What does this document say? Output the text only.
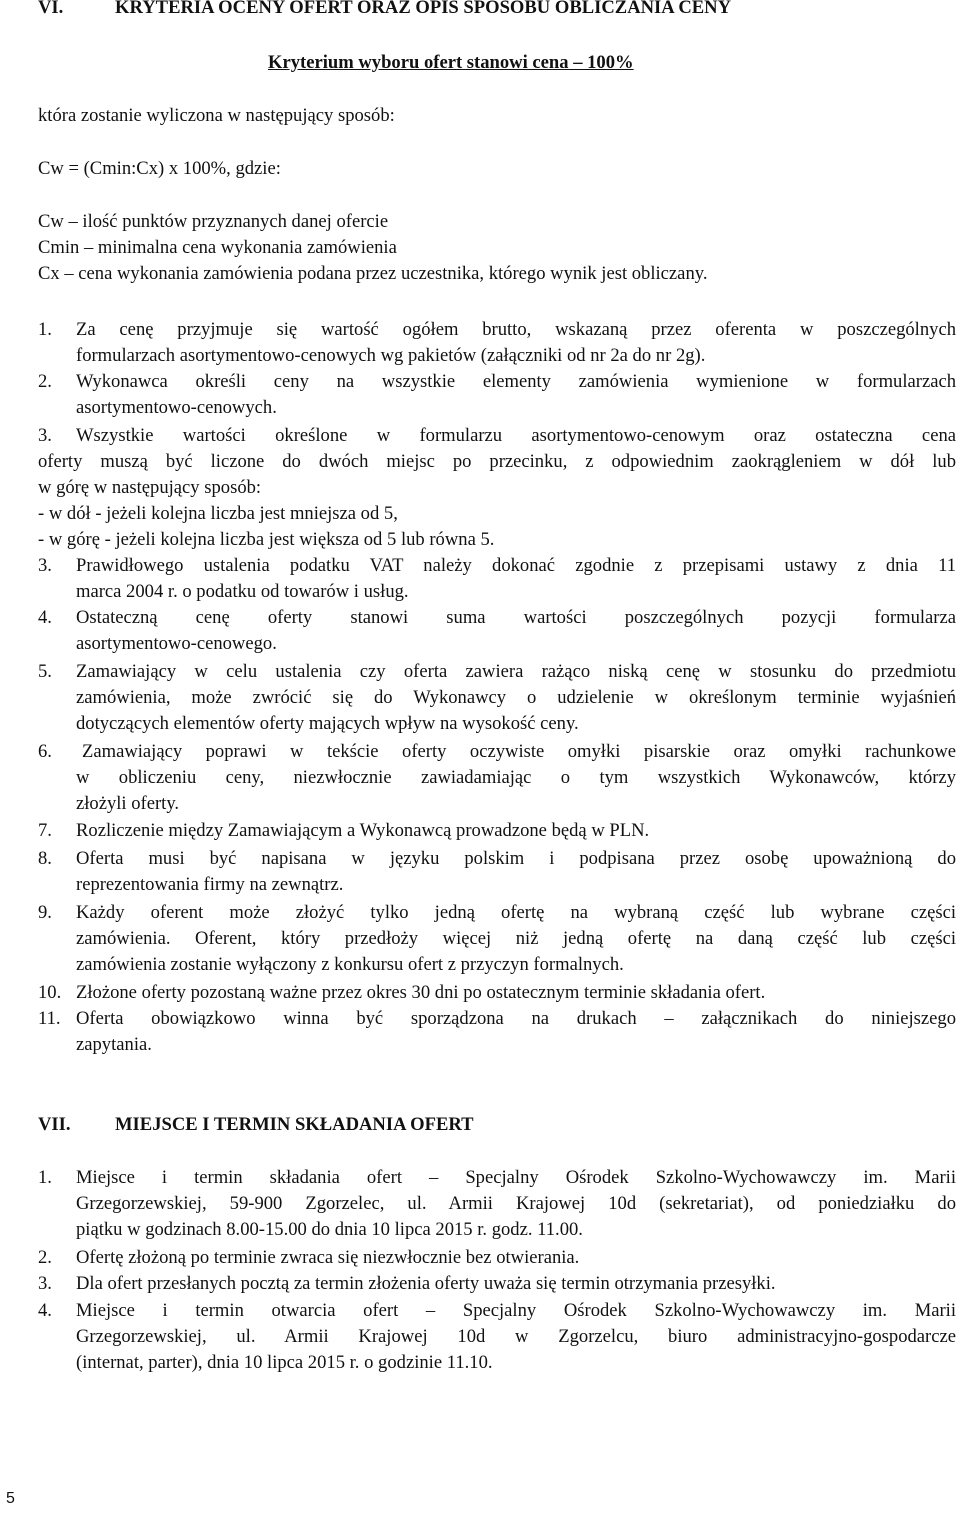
VI.	KRYTERIA OCENY OFERT ORAZ OPIS SPOSOBU OBLICZANIA CENY
Kryterium wyboru ofert stanowi cena – 100%
która zostanie wyliczona w następujący sposób:
Cw = (Cmin:Cx) x 100%, gdzie:
Cw – ilość punktów przyznanych danej ofercie
Cmin – minimalna cena wykonania zamówienia
Cx – cena wykonania zamówienia podana przez uczestnika, którego wynik jest obliczany.
1. Za cenę przyjmuje się wartość ogółem brutto, wskazaną przez oferenta w poszczególnych
formularzach asortymentowo-cenowych wg pakietów (załączniki od nr 2a do nr 2g).
2. Wykonawca określi ceny na wszystkie elementy zamówienia wymienione w formularzach
asortymentowo-cenowych.
3. Wszystkie wartości określone w formularzu asortymentowo-cenowym oraz ostateczna cena
oferty muszą być liczone do dwóch miejsc po przecinku, z odpowiednim zaokrągleniem w dół lub
w górę w następujący sposób:
- w dół - jeżeli kolejna liczba jest mniejsza od 5,
- w górę - jeżeli kolejna liczba jest większa od 5 lub równa 5.
3. Prawidłowego ustalenia podatku VAT należy dokonać zgodnie z przepisami ustawy z dnia 11
marca 2004 r. o podatku od towarów i usług.
4. Ostateczną cenę oferty stanowi suma wartości poszczególnych pozycji formularza
asortymentowo-cenowego.
5. Zamawiający w celu ustalenia czy oferta zawiera rażąco niską cenę w stosunku do przedmiotu
zamówienia, może zwrócić się do Wykonawcy o udzielenie w określonym terminie wyjaśnień
dotyczących elementów oferty mających wpływ na wysokość ceny.
6. Zamawiający poprawi w tekście oferty oczywiste omyłki pisarskie oraz omyłki rachunkowe
w obliczeniu ceny, niezwłocznie zawiadamiając o tym wszystkich Wykonawców, którzy
złożyli oferty.
7. Rozliczenie między Zamawiającym a Wykonawcą prowadzone będą w PLN.
8. Oferta musi być napisana w języku polskim i podpisana przez osobę upoważnioną do
reprezentowania firmy na zewnątrz.
9. Każdy oferent może złożyć tylko jedną ofertę na wybraną część lub wybrane części
zamówienia. Oferent, który przedłoży więcej niż jedną ofertę na daną część lub części
zamówienia zostanie wyłączony z konkursu ofert z przyczyn formalnych.
10. Złożone oferty pozostaną ważne przez okres 30 dni po ostatecznym terminie składania ofert.
11. Oferta obowiązkowo winna być sporządzona na drukach – załącznikach do niniejszego
zapytania.
VII. MIEJSCE I TERMIN SKŁADANIA OFERT
1. Miejsce i termin składania ofert – Specjalny Ośrodek Szkolno-Wychowawczy im. Marii
Grzegorzewskiej, 59-900 Zgorzelec, ul. Armii Krajowej 10d (sekretariat), od poniedziałku do
piątku w godzinach 8.00-15.00 do dnia 10 lipca 2015 r. godz. 11.00.
2. Ofertę złożoną po terminie zwraca się niezwłocznie bez otwierania.
3. Dla ofert przesłanych pocztą za termin złożenia oferty uważa się termin otrzymania przesyłki.
4. Miejsce i termin otwarcia ofert – Specjalny Ośrodek Szkolno-Wychowawczy im. Marii
Grzegorzewskiej, ul. Armii Krajowej 10d w Zgorzelcu, biuro administracyjno-gospodarcze
(internat, parter), dnia 10 lipca 2015 r. o godzinie 11.10.
5
